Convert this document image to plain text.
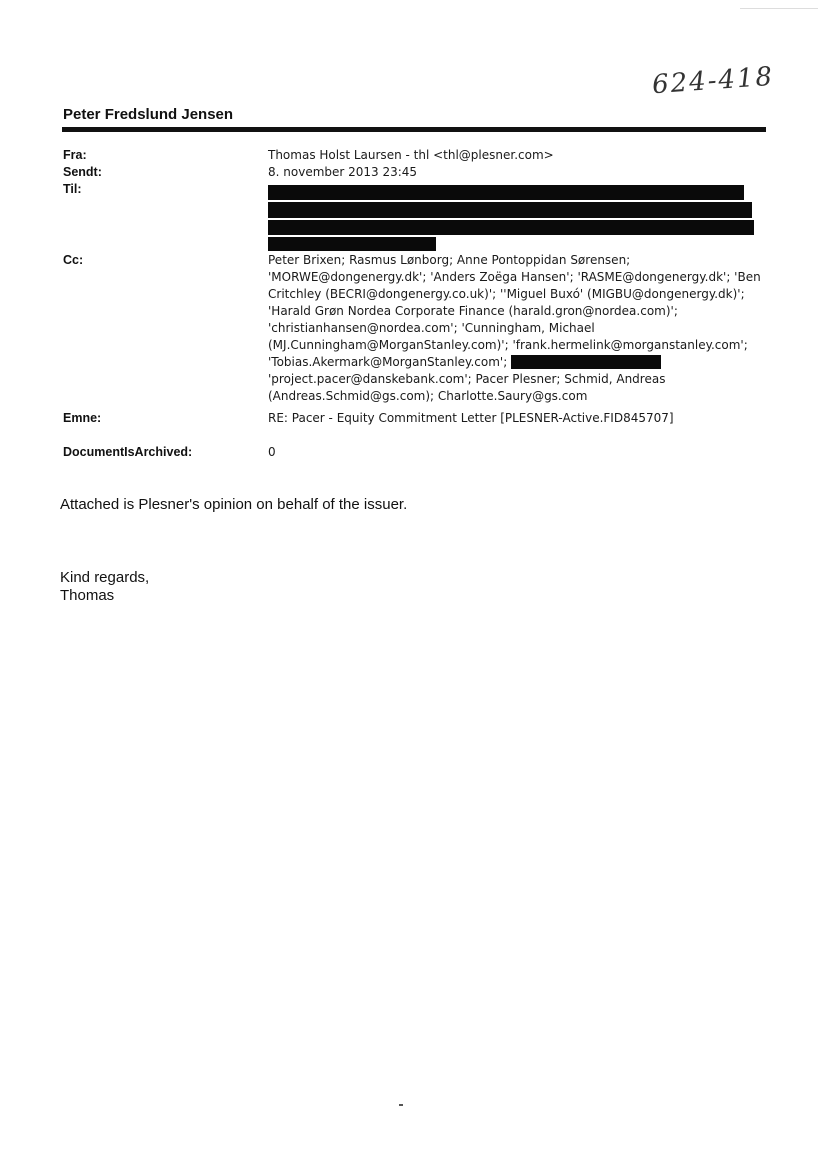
624-418
Peter Fredslund Jensen
Fra:	Thomas Holst Laursen - thl <thl@plesner.com>
Sendt:	8. november 2013 23:45
Til:
Cc:	Peter Brixen; Rasmus Lønborg; Anne Pontoppidan Sørensen;
'MORWE@dongenergy.dk'; 'Anders Zoëga Hansen'; 'RASME@dongenergy.dk'; 'Ben
Critchley (BECRI@dongenergy.co.uk)'; ''Miguel Buxó' (MIGBU@dongenergy.dk)';
'Harald Grøn Nordea Corporate Finance (harald.gron@nordea.com)';
'christianhansen@nordea.com'; 'Cunningham, Michael
(MJ.Cunningham@MorganStanley.com)'; 'frank.hermelink@morganstanley.com';
'Tobias.Akermark@MorganStanley.com';
'project.pacer@danskebank.com'; Pacer Plesner; Schmid, Andreas
(Andreas.Schmid@gs.com); Charlotte.Saury@gs.com
Emne:	RE: Pacer - Equity Commitment Letter [PLESNER-Active.FID845707]
DocumentIsArchived:	0
Attached is Plesner's opinion on behalf of the issuer.
Kind regards,
Thomas
